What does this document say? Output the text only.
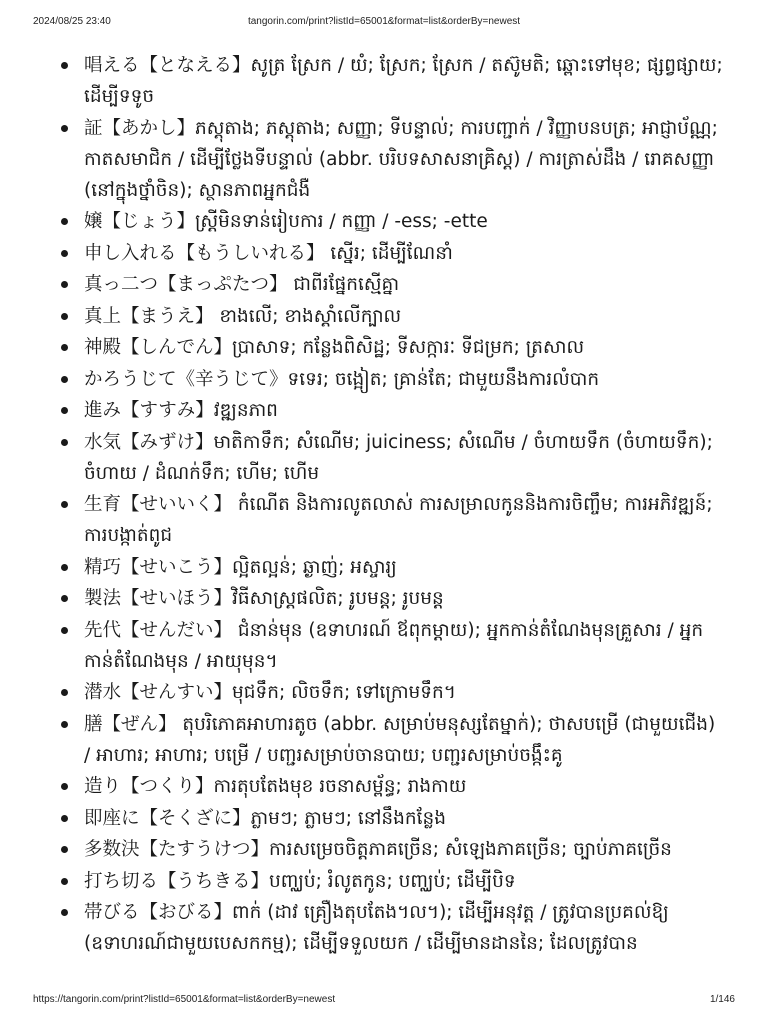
2024/08/25 23:40	tangorin.com/print?listId=65001&format=list&orderBy=newest
唱える【となえる】សូត្រ ស្រែក / យំ; ស្រែក; ស្រែក / តស៊ូមតិ; ឆ្ពោះទៅមុខ; ផ្សព្វផ្សាយ; ដើម្បីទទូច
証【あかし】ភស្តុតាង; ភស្តុតាង; សញ្ញា; ទីបន្ទាល់; ការបញ្ជាក់ / វិញ្ញាបនបត្រ; អាជ្ញាប័ណ្ណ; កាតសមាជិក / ដើម្បីថ្លែងទីបន្ទាល់ (abbr. បរិបទសាសនាគ្រិស្ត) / ការត្រាស់ដឹង / រោគសញ្ញា (នៅក្នុងថ្នាំចិន); ស្ថានភាពអ្នកជំងឺ
嬢【じょう】ស្ត្រីមិនទាន់រៀបការ / កញ្ញា / -ess; -ette
申し入れる【もうしいれる】 ស្នើរ; ដើម្បីណែនាំ
真っ二つ【まっぷたつ】 ជាពីរផ្នែកស្មើគ្នា
真上【まうえ】 ខាងលើ; ខាងស្តាំលើក្បាល
神殿【しんでん】ប្រាសាទ; កន្លែងពិសិដ្ឋ; ទីសក្ការៈ ទីជម្រក; ត្រសាល
かろうじて《辛うじて》ទទេរ; ចង្អៀត; គ្រាន់តែ; ជាមួយនឹងការលំបាក
進み【すすみ】វឌ្ឍនភាព
水気【みずけ】មាតិកាទឹក; សំណើម; juiciness; សំណើម / ចំហាយទឹក (ចំហាយទឹក); ចំហាយ / ដំណក់ទឹក; ហើម; ហើម
生育【せいいく】 កំណើត និងការលូតលាស់ ការសម្រាលកូននិងការចិញ្ចឹម; ការអភិវឌ្ឍន៍; ការបង្កាត់ពូជ
精巧【せいこう】ល្អិតល្អន់; ឆ្ងាញ់; អស្ចារ្យ
製法【せいほう】វិធីសាស្រ្តផលិត; រូបមន្ត; រូបមន្ត
先代【せんだい】 ជំនាន់មុន (ឧទាហរណ៍ ឪពុកម្តាយ); អ្នកកាន់តំណែងមុនគ្រួសារ / អ្នកកាន់តំណែងមុន / អាយុមុន។
潜水【せんすい】មុជទឹក; លិចទឹក; ទៅក្រោមទឹក។
膳【ぜん】 តុបរិភោគអាហារតូច (abbr. សម្រាប់មនុស្សតែម្នាក់); ថាសបម្រើ (ជាមួយជើង) / អាហារ; អាហារ; បម្រើ / បញ្ជរសម្រាប់ចានបាយ; បញ្ជរសម្រាប់ចង្កឹះគូ
造り【つくり】ការតុបតែងមុខ រចនាសម្ព័ន្ធ; រាងកាយ
即座に【そくざに】ភ្លាមៗ; ភ្លាមៗ; នៅនឹងកន្លែង
多数決【たすうけつ】ការសម្រេចចិត្តភាគច្រើន; សំឡេងភាគច្រើន; ច្បាប់ភាគច្រើន
打ち切る【うちきる】បញ្ឈប់; រំលូតកូន; បញ្ឈប់; ដើម្បីបិទ
帯びる【おびる】ពាក់ (ដាវ គ្រឿងតុបតែង។ល។); ដើម្បីអនុវត្ត / ត្រូវបានប្រគល់ឱ្យ (ឧទាហរណ៍ជាមួយបេសកកម្ម); ដើម្បីទទួលយក / ដើម្បីមានដាននៃ; ដែលត្រូវបាន
https://tangorin.com/print?listId=65001&format=list&orderBy=newest	1/146
